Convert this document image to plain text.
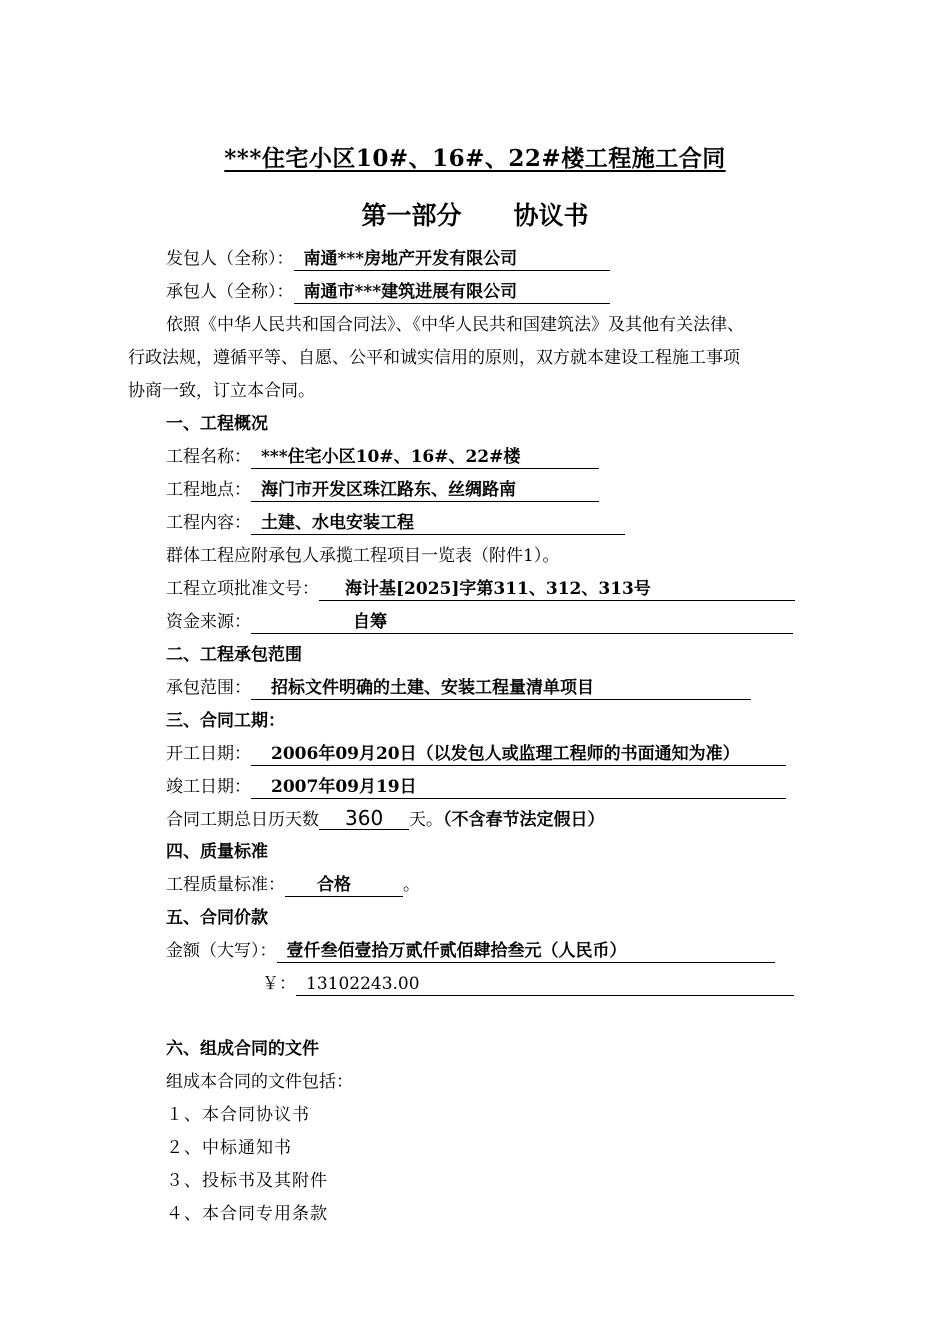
***住宅小区10#、16#、22#楼工程施工合同
第一部分 协议书
发包人（全称）： 南通***房地产开发有限公司
承包人（全称）： 南通市***建筑进展有限公司
依照《中华人民共和国合同法》、《中华人民共和国建筑法》及其他有关法律、
行政法规，遵循平等、自愿、公平和诚实信用的原则，双方就本建设工程施工事项
协商一致，订立本合同。
一、工程概况
工程名称： ***住宅小区10#、16#、22#楼
工程地点： 海门市开发区珠江路东、丝绸路南
工程内容： 土建、水电安装工程
群体工程应附承包人承揽工程项目一览表（附件1）。
工程立项批准文号： 海计基[2025]字第311、312、313号
资金来源：	自筹
二、工程承包范围
承包范围： 招标文件明确的土建、安装工程量清单项目
三、合同工期：
开工日期： 2006年09月20日（以发包人或监理工程师的书面通知为准）
竣工日期： 2007年09月19日
合同工期总日历天数 360 天。（不含春节法定假日）
四、质量标准
工程质量标准： 合格	。
五、合同价款
金额（大写）： 壹仟叁佰壹拾万贰仟贰佰肆拾叁元（人民币）
￥： 13102243.00
六、组成合同的文件
组成本合同的文件包括：
１、本合同协议书
２、中标通知书
３、投标书及其附件
４、本合同专用条款
